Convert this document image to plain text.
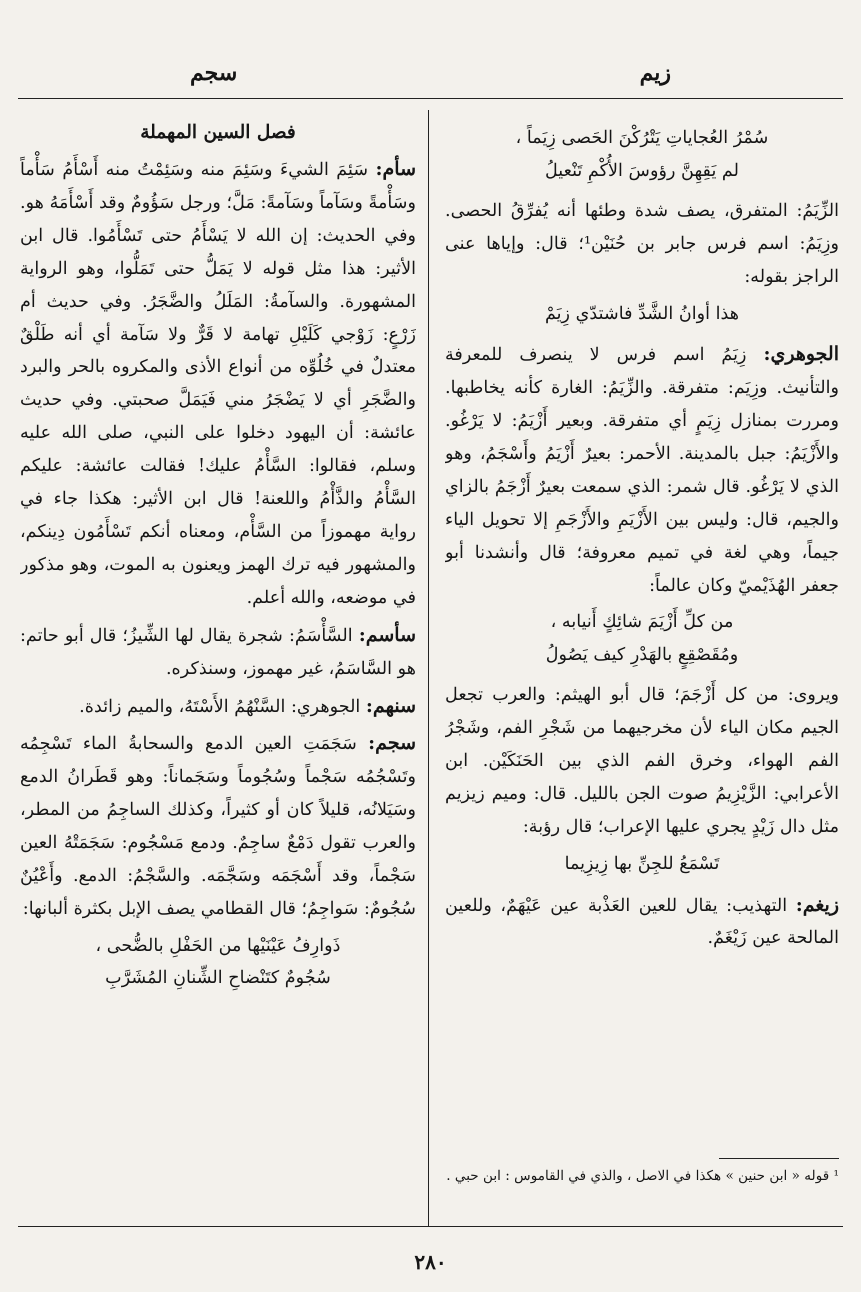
زيم
سجم
سُمْرُ العُجاياتِ يَتْرُكْنَ الحَصى زِيَماً ،
لم يَقِهِنَّ رؤوسَ الأُكْمِ تَنْعيلُ

الزِّيَمُ: المتفرق، يصف شدة وطئها أنه يُفرِّقُ الحصى. وزِيَمُ: اسم فرس جابر بن حُنَيْن¹؛ قال: وإياها عنى الراجز بقوله:

هذا أوانُ الشَّدِّ فاشتدّي زِيَمْ

الجوهري: زِيَمُ اسم فرس لا ينصرف للمعرفة والتأنيث. وزِيَم: متفرقة. والزِّيَمُ: الغارة كأنه يخاطبها. ومررت بمنازل زِيَمٍ أي متفرقة. وبعير أَزْيَمُ: لا يَرْغُو. والأَزْيَمُ: جبل بالمدينة. الأحمر: بعيرٌ أَزْيَمُ وأَسْجَمُ، وهو الذي لا يَرْغُو. قال شمر: الذي سمعت بعيرٌ أَزْجَمُ بالزاي والجيم، قال: وليس بين الأَزْيَمِ والأَزْجَمِ إلا تحويل الياء جيماً، وهي لغة في تميم معروفة؛ قال وأنشدنا أبو جعفر الهُذَيْميّ وكان عالماً:

من كلِّ أَزْيَمَ شائِكٍ أَنيابه ،
ومُقَصْقِعٍ بالهَدْرِ كيف يَصُولُ

ويروى: من كل أَزْجَمَ؛ قال أبو الهيثم: والعرب تجعل الجيم مكان الياء لأن مخرجيهما من شَجْرِ الفم، وشَجْرُ الفم الهواء، وخرق الفم الذي بين الحَنَكَيْن. ابن الأعرابي: الزَّيْزِيمُ صوت الجن بالليل. قال: وميم زيزيم مثل دال زَيْدٍ يجري عليها الإعراب؛ قال رؤبة:

تَسْمَعُ للجِنِّ بها زِيزِيما

زيغم: التهذيب: يقال للعين العَذْبة عين عَيْهَمٌ، وللعين المالحة عين زَيْغَمٌ.

¹ قوله « ابن حنين » هكذا في الاصل ، والذي في القاموس : ابن حبي .
فصل السين المهملة

سأم: سَئِمَ الشيءَ وسَئِمَ منه وسَئِمْتُ منه أَسْأَمُ سَأْماً وسَأْمةً وسَآماً وسَآمةً: مَلَّ؛ ورجل سَؤُومٌ وقد أَسْأَمَهُ هو. وفي الحديث: إن الله لا يَسْأَمُ حتى تَسْأَمُوا. قال ابن الأثير: هذا مثل قوله لا يَمَلُّ حتى تَمَلُّوا، وهو الرواية المشهورة. والسآمةُ: المَلَلُ والضَّجَرُ. وفي حديث أم زَرْعٍ: زَوْجي كَلَيْلِ تهامة لا قَرٌّ ولا سَآمة أي أنه طَلْقٌ معتدلٌ في خُلُوِّه من أنواع الأذى والمكروه بالحر والبرد والضَّجَرِ أي لا يَضْجَرُ مني فَيَمَلَّ صحبتي. وفي حديث عائشة: أن اليهود دخلوا على النبي، صلى الله عليه وسلم، فقالوا: السَّأْمُ عليك! فقالت عائشة: عليكم السَّأْمُ والذَّأْمُ واللعنة! قال ابن الأثير: هكذا جاء في رواية مهموزاً من السَّأْم، ومعناه أنكم تَسْأَمُون دِينكم، والمشهور فيه ترك الهمز ويعنون به الموت، وهو مذكور في موضعه، والله أعلم.

سأسم: السَّأْسَمُ: شجرة يقال لها الشِّيزُ؛ قال أبو حاتم: هو السَّاسَمُ، غير مهموز، وسنذكره.

سنهم: الجوهري: السَّنْهُمُ الأَسْتَهُ، والميم زائدة.

سجم: سَجَمَتِ العين الدمع والسحابةُ الماء تَسْجِمُه وتَسْجُمُه سَجْماً وسُجُوماً وسَجَماناً: وهو قَطَرانُ الدمع وسَيَلانُه، قليلاً كان أو كثيراً، وكذلك الساجِمُ من المطر، والعرب تقول دَمْعٌ ساجِمٌ. ودمع مَسْجُوم: سَجَمَتْهُ العين سَجْماً، وقد أَسْجَمَه وسَجَّمَه. والسَّجْمُ: الدمع. وأَعْيُنٌ سُجُومٌ: سَواجِمُ؛ قال القطامي يصف الإبل بكثرة ألبانها:

ذَوارِفُ عَيْنَيْها من الحَفْلِ بالضُّحى ،
سُجُومٌ كتَنْضاحِ الشِّنانِ المُشَرَّبِ
٢٨٠
